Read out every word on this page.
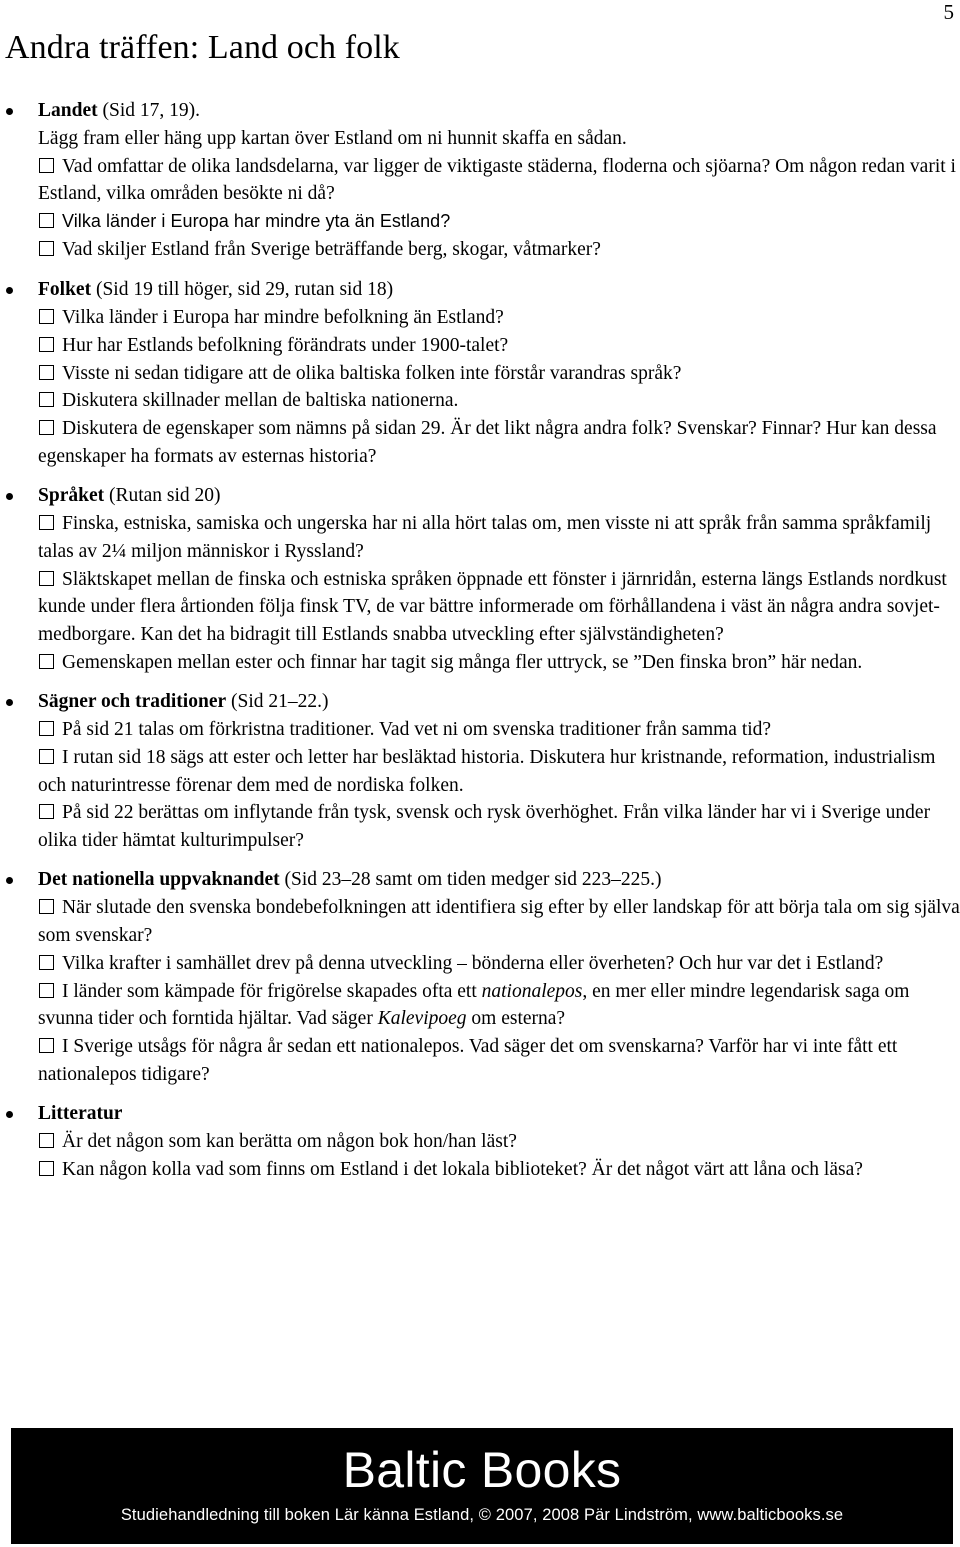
5
Andra träffen: Land och folk
Landet (Sid 17, 19).
Lägg fram eller häng upp kartan över Estland om ni hunnit skaffa en sådan.
Vad omfattar de olika landsdelarna, var ligger de viktigaste städerna, floderna och sjöarna? Om någon redan varit i Estland, vilka områden besökte ni då?
Vilka länder i Europa har mindre yta än Estland?
Vad skiljer Estland från Sverige beträffande berg, skogar, våtmarker?
Folket (Sid 19 till höger, sid 29, rutan sid 18)
Vilka länder i Europa har mindre befolkning än Estland?
Hur har Estlands befolkning förändrats under 1900-talet?
Visste ni sedan tidigare att de olika baltiska folken inte förstår varandras språk?
Diskutera skillnader mellan de baltiska nationerna.
Diskutera de egenskaper som nämns på sidan 29. Är det likt några andra folk? Svenskar? Finnar? Hur kan dessa egenskaper ha formats av esternas historia?
Språket (Rutan sid 20)
Finska, estniska, samiska och ungerska har ni alla hört talas om, men visste ni att språk från samma språkfamilj talas av 2¼ miljon människor i Ryssland?
Släktskapet mellan de finska och estniska språken öppnade ett fönster i järnridån, esterna längs Estlands nordkust kunde under flera årtionden följa finsk TV, de var bättre informerade om förhållandena i väst än några andra sovjet-medborgare. Kan det ha bidragit till Estlands snabba utveckling efter självständigheten?
Gemenskapen mellan ester och finnar har tagit sig många fler uttryck, se ”Den finska bron” här nedan.
Sägner och traditioner (Sid 21–22.)
På sid 21 talas om förkristna traditioner. Vad vet ni om svenska traditioner från samma tid?
I rutan sid 18 sägs att ester och letter har besläktad historia. Diskutera hur kristnande, reformation, industrialism och naturintresse förenar dem med de nordiska folken.
På sid 22 berättas om inflytande från tysk, svensk och rysk överhöghet. Från vilka länder har vi i Sverige under olika tider hämtat kulturimpulser?
Det nationella uppvaknandet (Sid 23–28 samt om tiden medger sid 223–225.)
När slutade den svenska bondebefolkningen att identifiera sig efter by eller landskap för att börja tala om sig själva som svenskar?
Vilka krafter i samhället drev på denna utveckling – bönderna eller överheten? Och hur var det i Estland?
I länder som kämpade för frigörelse skapades ofta ett nationalepos, en mer eller mindre legendarisk saga om svunna tider och forntida hjältar. Vad säger Kalevipoeg om esterna?
I Sverige utsågs för några år sedan ett nationalepos. Vad säger det om svenskarna? Varför har vi inte fått ett nationalepos tidigare?
Litteratur
Är det någon som kan berätta om någon bok hon/han läst?
Kan någon kolla vad som finns om Estland i det lokala biblioteket? Är det något värt att låna och läsa?
Baltic Books
Studiehandledning till boken Lär känna Estland, © 2007, 2008 Pär Lindström, www.balticbooks.se
